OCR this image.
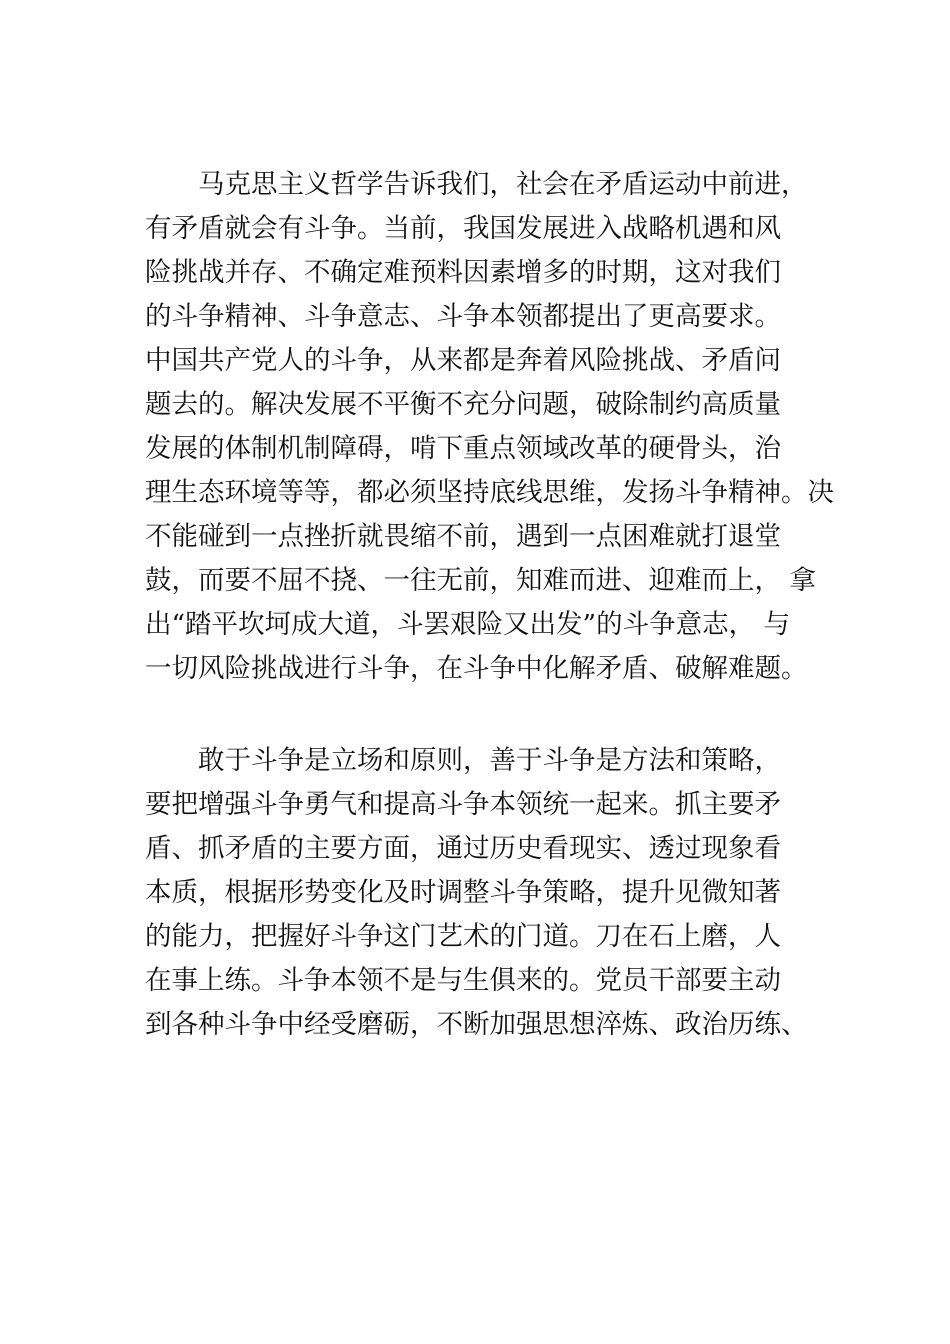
马克思主义哲学告诉我们，社会在矛盾运动中前进，

有矛盾就会有斗争。当前，我国发展进入战略机遇和风

险挑战并存、不确定难预料因素增多的时期，这对我们

的斗争精神、斗争意志、斗争本领都提出了更高要求。

中国共产党人的斗争，从来都是奔着风险挑战、矛盾问

题去的。解决发展不平衡不充分问题，破除制约高质量

发展的体制机制障碍，啃下重点领域改革的硬骨头，治

理生态环境等等，都必须坚持底线思维，发扬斗争精神。决

不能碰到一点挫折就畏缩不前，遇到一点困难就打退堂

鼓，而要不屈不挠、一往无前，知难而进、迎难而上， 拿

出“踏平坎坷成大道，斗罢艰险又出发”的斗争意志， 与

一切风险挑战进行斗争，在斗争中化解矛盾、破解难题。

敢于斗争是立场和原则，善于斗争是方法和策略，

要把增强斗争勇气和提高斗争本领统一起来。抓主要矛

盾、抓矛盾的主要方面，通过历史看现实、透过现象看

本质，根据形势变化及时调整斗争策略，提升见微知著

的能力，把握好斗争这门艺术的门道。刀在石上磨，人

在事上练。斗争本领不是与生俱来的。党员干部要主动

到各种斗争中经受磨砺，不断加强思想淬炼、政治历练、
